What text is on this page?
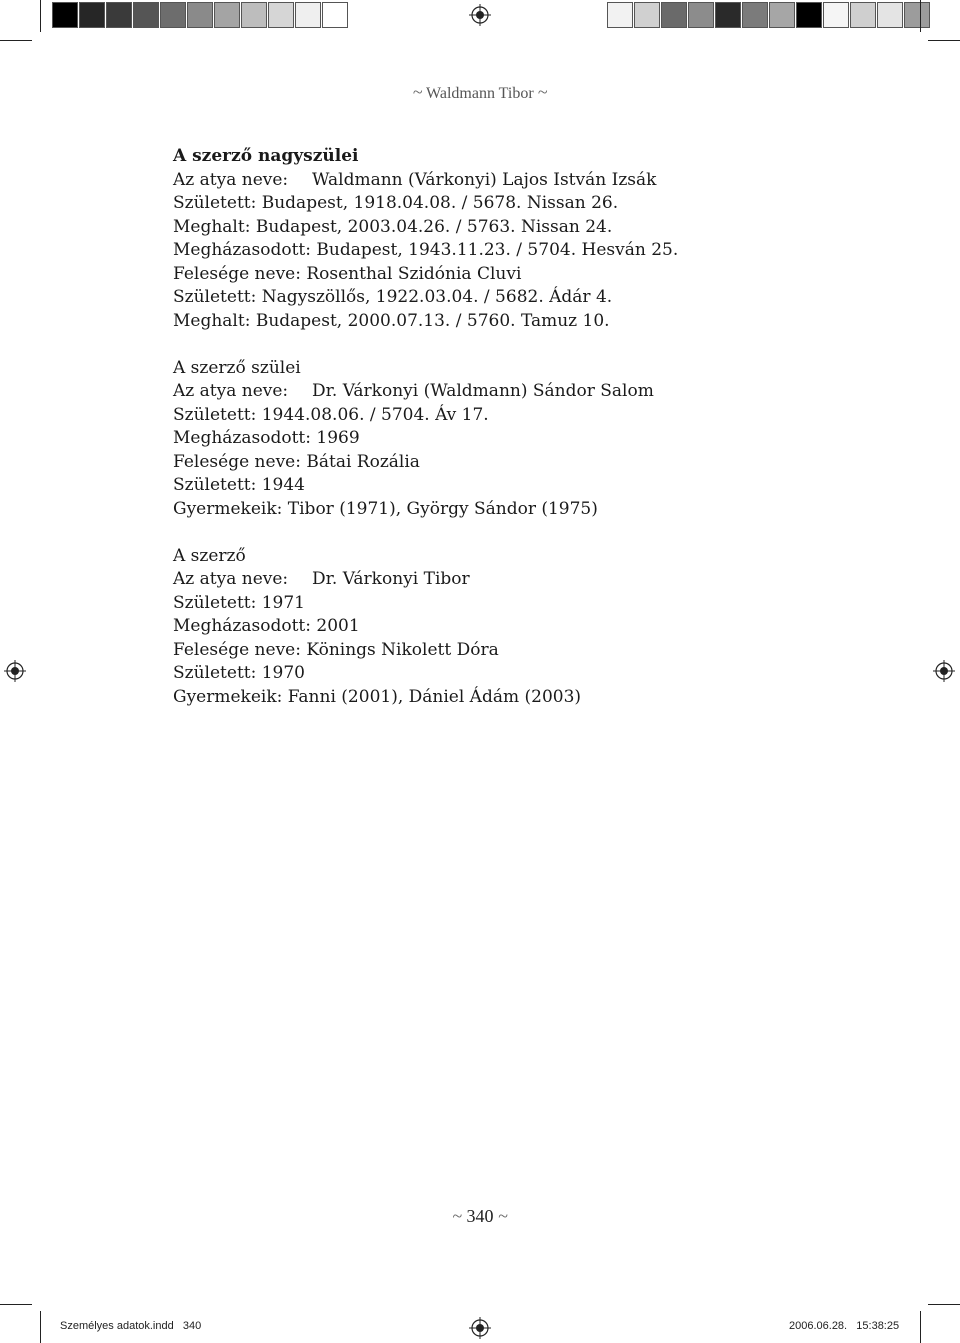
~ Waldmann Tibor ~
A szerző nagyszülei
Az atya neve: Waldmann (Várkonyi) Lajos István Izsák
Született: Budapest, 1918.04.08. / 5678. Nissan 26.
Meghalt: Budapest, 2003.04.26. / 5763. Nissan 24.
Megházasodott: Budapest, 1943.11.23. / 5704. Hesván 25.
Felesége neve: Rosenthal Szidónia Cluvi
Született: Nagyszöllős, 1922.03.04. / 5682. Ádár 4.
Meghalt: Budapest, 2000.07.13. / 5760. Tamuz 10.
A szerző szülei
Az atya neve: Dr. Várkonyi (Waldmann) Sándor Salom
Született: 1944.08.06. / 5704. Áv 17.
Megházasodott: 1969
Felesége neve: Bátai Rozália
Született: 1944
Gyermekeik: Tibor (1971), György Sándor (1975)
A szerző
Az atya neve: Dr. Várkonyi Tibor
Született: 1971
Megházasodott: 2001
Felesége neve: Könings Nikolett Dóra
Született: 1970
Gyermekeik: Fanni (2001), Dániel Ádám (2003)
~ 340 ~
Személyes adatok.indd   340	2006.06.28.   15:38:25
